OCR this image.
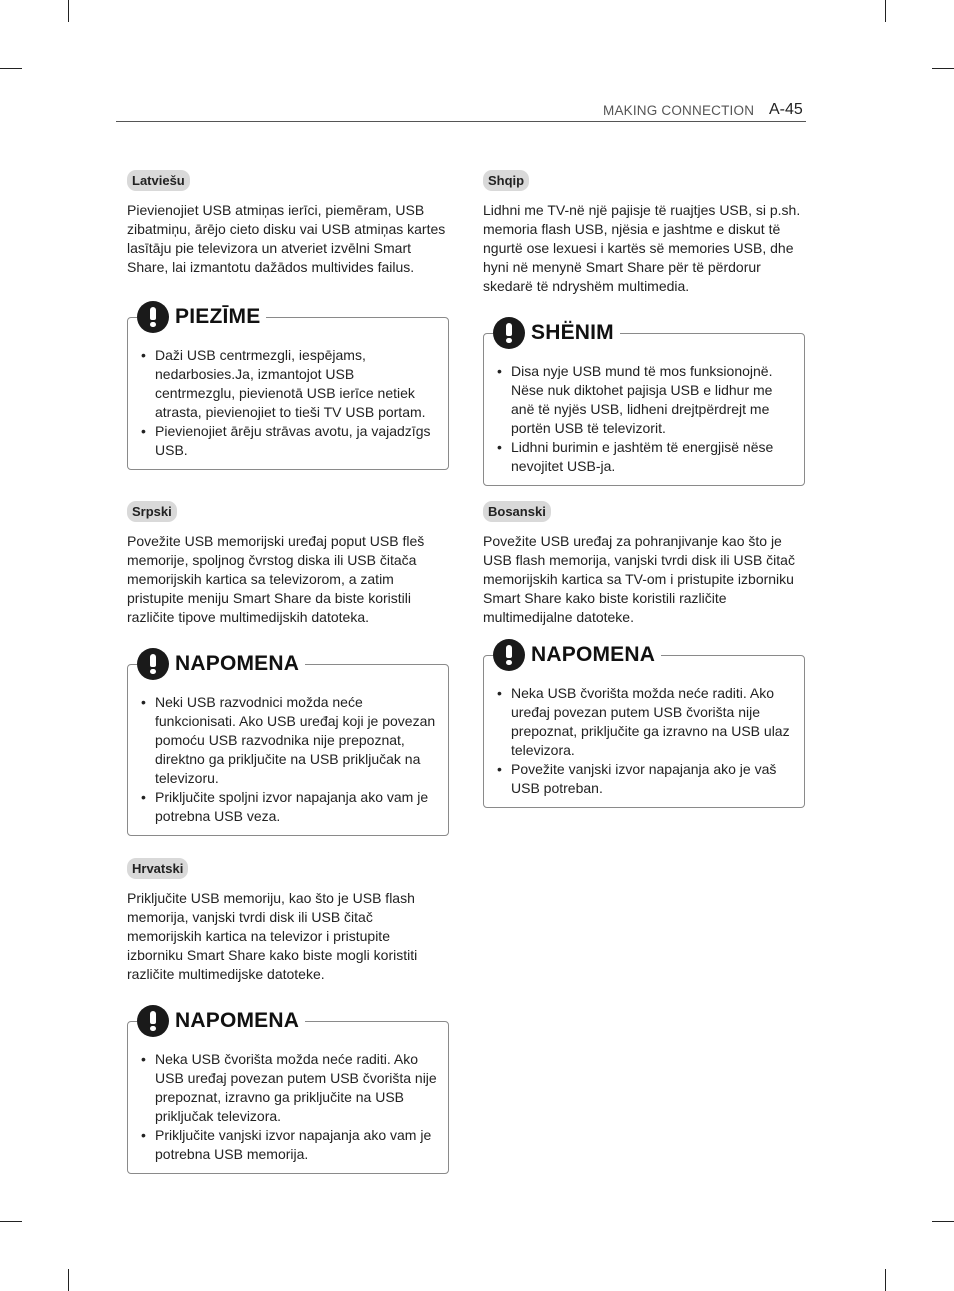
MAKING CONNECTION A-45
Latviešu

Pievienojiet USB atmiņas ierīci, piemēram, USB zibatmiņu, ārējo cieto disku vai USB atmiņas kartes lasītāju pie televizora un atveriet izvēlni Smart Share, lai izmantotu dažādos multivides failus.

PIEZĪME
• Daži USB centrmezgli, iespējams, nedarbosies.Ja, izmantojot USB centrmezglu, pievienotā USB ierīce netiek atrasta, pievienojiet to tieši TV USB portam.
• Pievienojiet ārēju strāvas avotu, ja vajadzīgs USB.
Srpski

Povežite USB memorijski uređaj poput USB fleš memorije, spoljnog čvrstog diska ili USB čitača memorijskih kartica sa televizorom, a zatim pristupite meniju Smart Share da biste koristili različite tipove multimedijskih datoteka.

NAPOMENA
• Neki USB razvodnici možda neće funkcionisati. Ako USB uređaj koji je povezan pomoću USB razvodnika nije prepoznat, direktno ga priključite na USB priključak na televizoru.
• Priključite spoljni izvor napajanja ako vam je potrebna USB veza.
Hrvatski

Priključite USB memoriju, kao što je USB flash memorija, vanjski tvrdi disk ili USB čitač memorijskih kartica na televizor i pristupite izborniku Smart Share kako biste mogli koristiti različite multimedijske datoteke.

NAPOMENA
• Neka USB čvorišta možda neće raditi. Ako USB uređaj povezan putem USB čvorišta nije prepoznat, izravno ga priključite na USB priključak televizora.
• Priključite vanjski izvor napajanja ako vam je potrebna USB memorija.
Shqip

Lidhni me TV-në një pajisje të ruajtjes USB, si p.sh. memoria flash USB, njësia e jashtme e diskut të ngurtë ose lexuesi i kartës së memories USB, dhe hyni në menynë Smart Share për të përdorur skedarë të ndryshëm multimedia.

SHËNIM
• Disa nyje USB mund të mos funksionojnë. Nëse nuk diktohet pajisja USB e lidhur me anë të nyjës USB, lidheni drejtpërdrejt me portën USB të televizorit.
• Lidhni burimin e jashtëm të energjisë nëse nevojitet USB-ja.
Bosanski

Povežite USB uređaj za pohranjivanje kao što je USB flash memorija, vanjski tvrdi disk ili USB čitač memorijskih kartica sa TV-om i pristupite izborniku Smart Share kako biste koristili različite multimedijalne datoteke.

NAPOMENA
• Neka USB čvorišta možda neće raditi. Ako uređaj povezan putem USB čvorišta nije prepoznat, priključite ga izravno na USB ulaz televizora.
• Povežite vanjski izvor napajanja ako je vaš USB potreban.
